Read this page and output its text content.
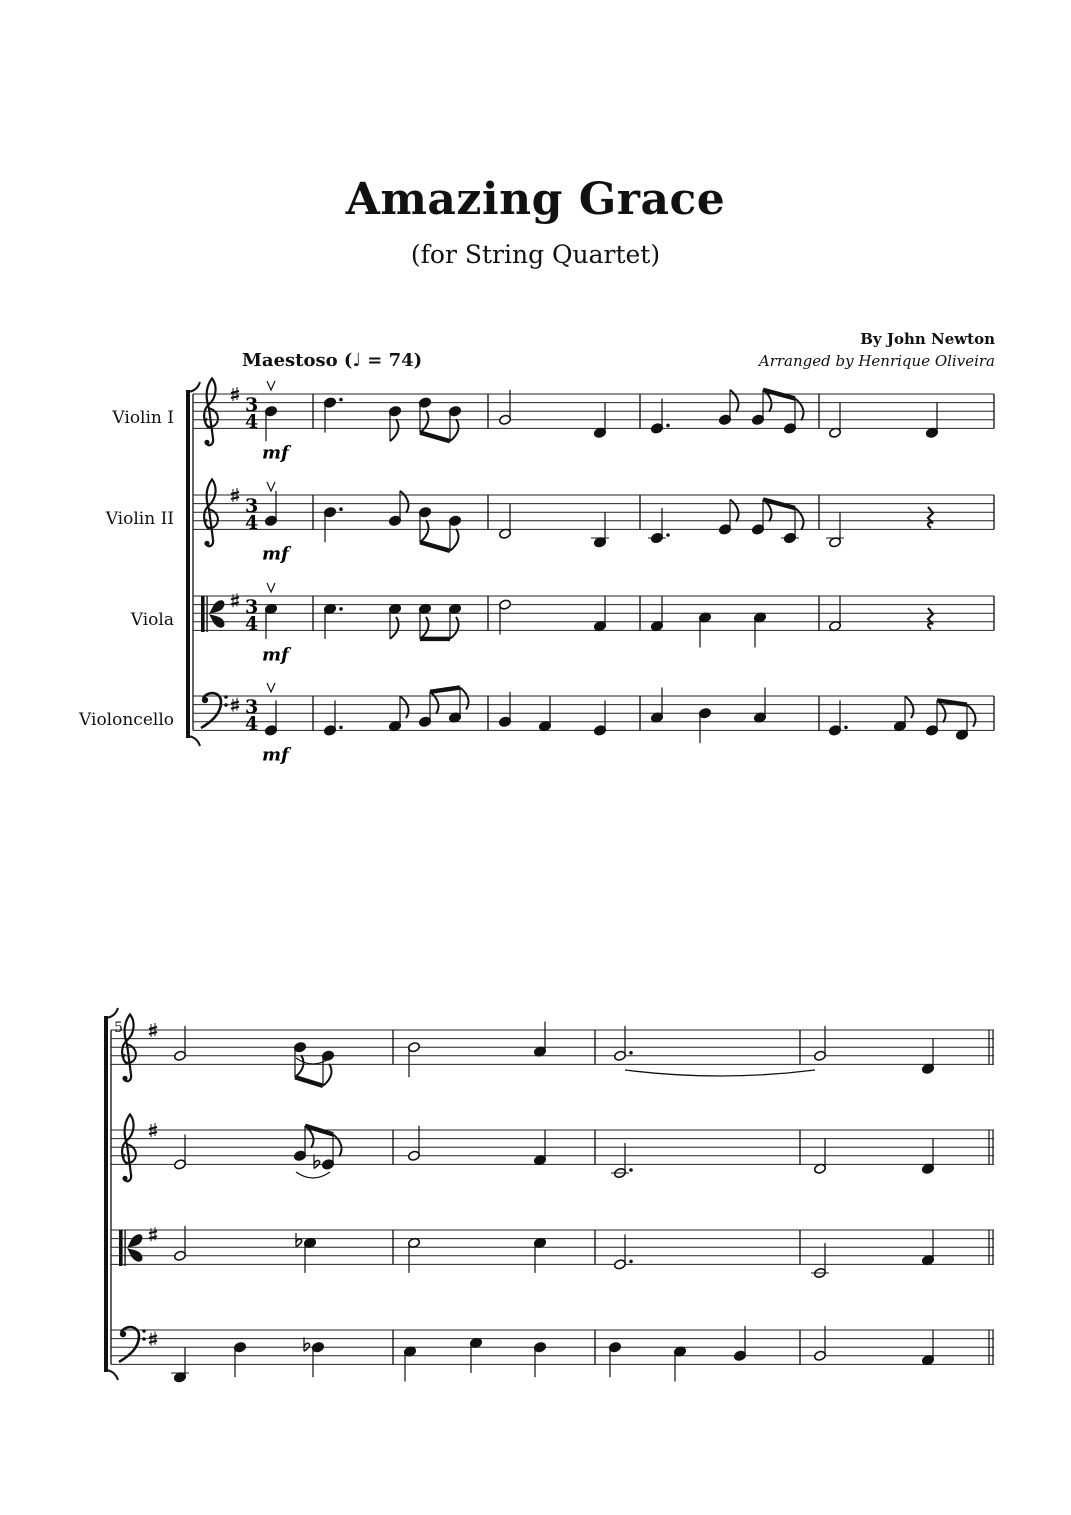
Amazing Grace

(for String Quartet)

By John Newton
Arranged by Henrique Oliveira
Maestoso (♩ = 74)
Violin I
Violin II
Viola
Violoncello
5
3
4
3
4
3
4
3
4
mf
mf
mf
mf
